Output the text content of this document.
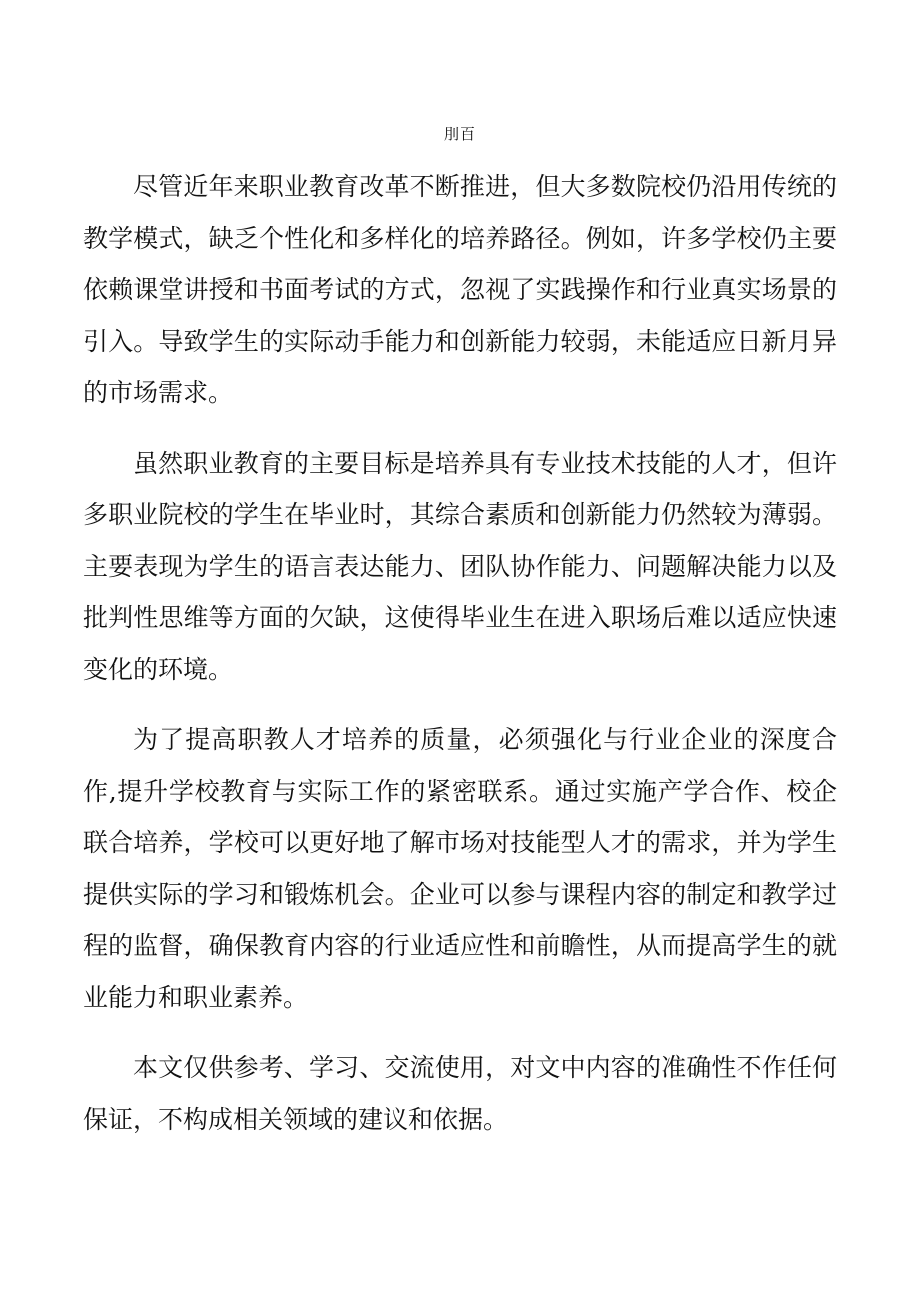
刖百

尽管近年来职业教育改革不断推进，但大多数院校仍沿用传统的教学模式，缺乏个性化和多样化的培养路径。例如，许多学校仍主要依赖课堂讲授和书面考试的方式，忽视了实践操作和行业真实场景的引入。导致学生的实际动手能力和创新能力较弱，未能适应日新月异的市场需求。

虽然职业教育的主要目标是培养具有专业技术技能的人才，但许多职业院校的学生在毕业时，其综合素质和创新能力仍然较为薄弱。主要表现为学生的语言表达能力、团队协作能力、问题解决能力以及批判性思维等方面的欠缺，这使得毕业生在进入职场后难以适应快速变化的环境。

为了提高职教人才培养的质量，必须强化与行业企业的深度合作,提升学校教育与实际工作的紧密联系。通过实施产学合作、校企联合培养，学校可以更好地了解市场对技能型人才的需求，并为学生提供实际的学习和锻炼机会。企业可以参与课程内容的制定和教学过程的监督，确保教育内容的行业适应性和前瞻性，从而提高学生的就业能力和职业素养。

本文仅供参考、学习、交流使用，对文中内容的准确性不作任何保证，不构成相关领域的建议和依据。
